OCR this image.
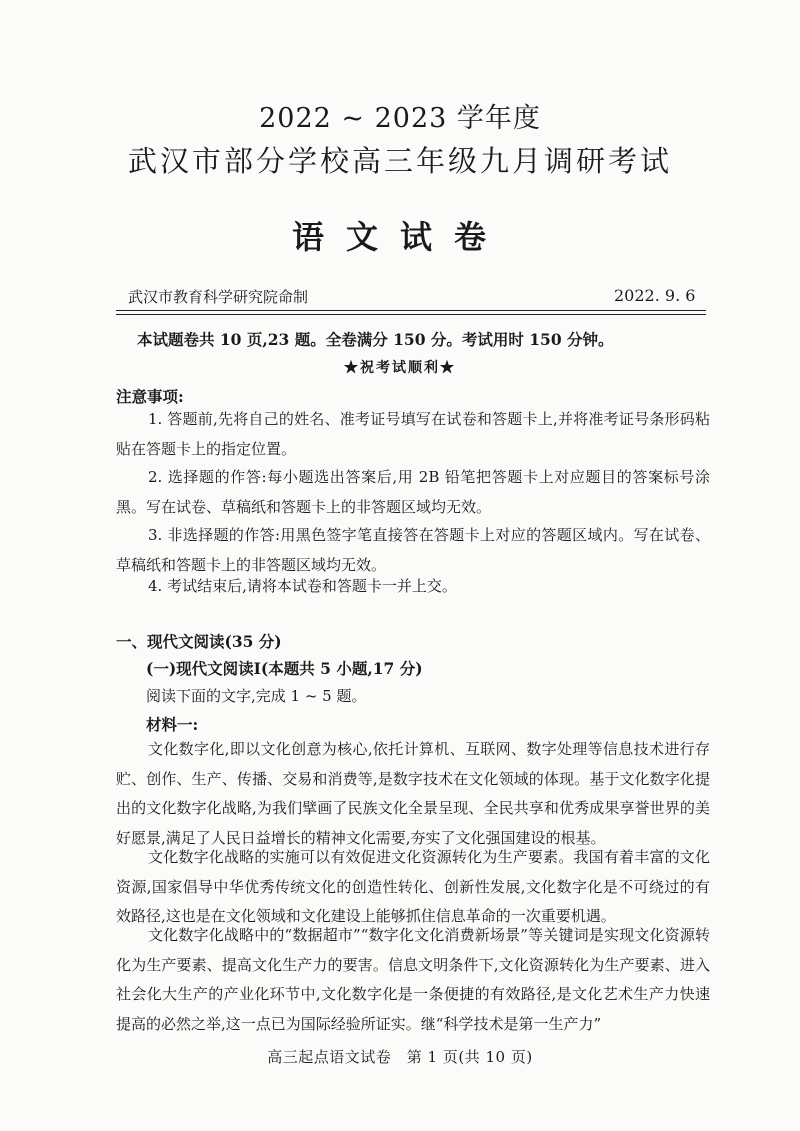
2022 ~ 2023 学年度
武汉市部分学校高三年级九月调研考试
语文试卷
武汉市教育科学研究院命制	2022. 9. 6
本试题卷共 10 页,23 题。全卷满分 150 分。考试用时 150 分钟。
★祝考试顺利★
注意事项:

1. 答题前,先将自己的姓名、准考证号填写在试卷和答题卡上,并将准考证号条形码粘贴在答题卡上的指定位置。

2. 选择题的作答:每小题选出答案后,用 2B 铅笔把答题卡上对应题目的答案标号涂黑。写在试卷、草稿纸和答题卡上的非答题区域均无效。

3. 非选择题的作答:用黑色签字笔直接答在答题卡上对应的答题区域内。写在试卷、草稿纸和答题卡上的非答题区域均无效。

4. 考试结束后,请将本试卷和答题卡一并上交。

一、现代文阅读(35 分)
(一)现代文阅读Ⅰ(本题共 5 小题,17 分)
阅读下面的文字,完成 1 ~ 5 题。
材料一:

文化数字化,即以文化创意为核心,依托计算机、互联网、数字处理等信息技术进行存贮、创作、生产、传播、交易和消费等,是数字技术在文化领域的体现。基于文化数字化提出的文化数字化战略,为我们擘画了民族文化全景呈现、全民共享和优秀成果享誉世界的美好愿景,满足了人民日益增长的精神文化需要,夯实了文化强国建设的根基。

文化数字化战略的实施可以有效促进文化资源转化为生产要素。我国有着丰富的文化资源,国家倡导中华优秀传统文化的创造性转化、创新性发展,文化数字化是不可绕过的有效路径,这也是在文化领域和文化建设上能够抓住信息革命的一次重要机遇。

文化数字化战略中的“数据超市”“数字化文化消费新场景”等关键词是实现文化资源转化为生产要素、提高文化生产力的要害。信息文明条件下,文化资源转化为生产要素、进入社会化大生产的产业化环节中,文化数字化是一条便捷的有效路径,是文化艺术生产力快速提高的必然之举,这一点已为国际经验所证实。继“科学技术是第一生产力”

高三起点语文试卷　第 1 页(共 10 页)
